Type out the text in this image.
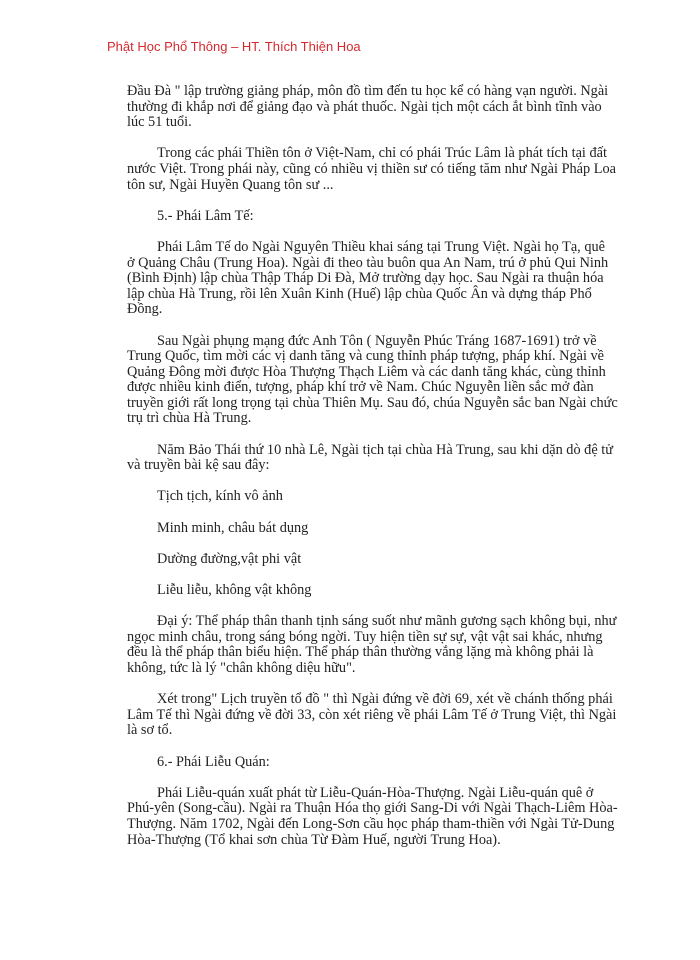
Phật Học Phổ Thông – HT. Thích Thiện Hoa
Đầu Đà " lập trường giảng pháp, môn đồ tìm đến tu học kể có hàng vạn người. Ngài
thường đi khắp nơi để giảng đạo và phát thuốc. Ngài tịch một cách ắt bình tĩnh vào
lúc 51 tuổi.
Trong các phái Thiền tôn ở Việt-Nam, chỉ có phái Trúc Lâm là phát tích tại đất
nước Việt. Trong phái này, cũng có nhiều vị thiền sư có tiếng tăm như Ngài Pháp Loa
tôn sư, Ngài Huyền Quang tôn sư ...
5.- Phái Lâm Tế:
Phái Lâm Tế do Ngài Nguyên Thiều khai sáng tại Trung Việt. Ngài họ Tạ, quê
ở Quảng Châu (Trung Hoa). Ngài đi theo tàu buôn qua An Nam, trú ở phủ Qui Ninh
(Bình Định) lập chùa Thập Tháp Di Đà, Mở trường dạy học. Sau Ngài ra thuận hóa
lập chùa Hà Trung, rồi lên Xuân Kinh (Huế) lập chùa Quốc Ân và dựng tháp Phổ
Đồng.
Sau Ngài phụng mạng đức Anh Tôn ( Nguyễn Phúc Tráng 1687-1691) trở về
Trung Quốc, tìm mời các vị danh tăng và cung thỉnh pháp tượng, pháp khí. Ngài về
Quảng Đông mời được Hòa Thượng Thạch Liêm và các danh tăng khác, cùng thỉnh
được nhiều kinh điển, tượng, pháp khí trở về Nam. Chúc Nguyễn liền sắc mở đàn
truyền giới rất long trọng tại chùa Thiên Mụ. Sau đó, chúa Nguyễn sắc ban Ngài chức
trụ trì chùa Hà Trung.
Năm Bảo Thái thứ 10 nhà Lê, Ngài tịch tại chùa Hà Trung, sau khi dặn dò đệ tử
và truyền bài kệ sau đây:
Tịch tịch, kính vô ảnh
Minh minh, châu bát dụng
Dường đường,vật phi vật
Liễu liễu, không vật không
Đại ý: Thể pháp thân thanh tịnh sáng suốt như mãnh gương sạch không bụi, như
ngọc minh châu, trong sáng bóng ngời. Tuy hiện tiền sự sự, vật vật sai khác, nhưng
đều là thể pháp thân biểu hiện. Thể pháp thân thường vắng lặng mà không phải là
không, tức là lý "chân không diệu hữu".
Xét trong" Lịch truyền tổ đồ " thì Ngài đứng về đời 69, xét về chánh thống phái
Lâm Tế thì Ngài đứng về đời 33, còn xét riêng về phái Lâm Tế ở Trung Việt, thì Ngài
là sơ tổ.
6.- Phái Liễu Quán:
Phái Liễu-quán xuất phát từ Liễu-Quán-Hòa-Thượng. Ngài Liễu-quán quê ở
Phú-yên (Song-cầu). Ngài ra Thuận Hóa thọ giới Sang-Di với Ngài Thạch-Liêm Hòa-
Thượng. Năm 1702, Ngài đến Long-Sơn cầu học pháp tham-thiền với Ngài Tử-Dung
Hòa-Thượng (Tổ khai sơn chùa Từ Đàm Huế, người Trung Hoa).
